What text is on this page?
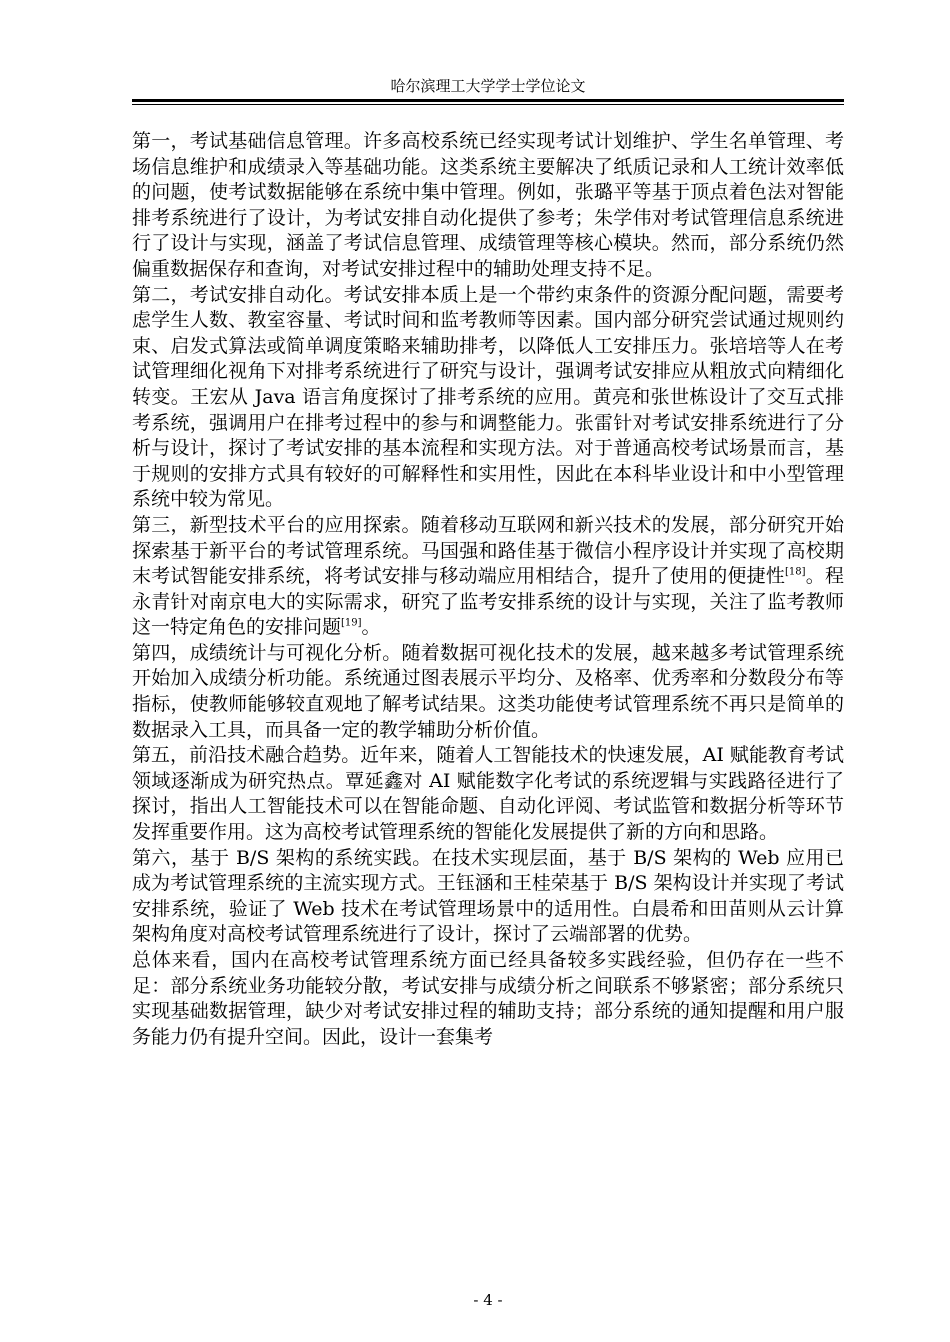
哈尔滨理工大学学士学位论文

第一，考试基础信息管理。许多高校系统已经实现考试计划维护、学生名单管理、考场信息维护和成绩录入等基础功能。这类系统主要解决了纸质记录和人工统计效率低的问题，使考试数据能够在系统中集中管理。例如，张璐平等基于顶点着色法对智能排考系统进行了设计，为考试安排自动化提供了参考；朱学伟对考试管理信息系统进行了设计与实现，涵盖了考试信息管理、成绩管理等核心模块。然而，部分系统仍然偏重数据保存和查询，对考试安排过程中的辅助处理支持不足。

第二，考试安排自动化。考试安排本质上是一个带约束条件的资源分配问题，需要考虑学生人数、教室容量、考试时间和监考教师等因素。国内部分研究尝试通过规则约束、启发式算法或简单调度策略来辅助排考，以降低人工安排压力。张培培等人在考试管理细化视角下对排考系统进行了研究与设计，强调考试安排应从粗放式向精细化转变。王宏从 Java 语言角度探讨了排考系统的应用。黄亮和张世栋设计了交互式排考系统，强调用户在排考过程中的参与和调整能力。张雷针对考试安排系统进行了分析与设计，探讨了考试安排的基本流程和实现方法。对于普通高校考试场景而言，基于规则的安排方式具有较好的可解释性和实用性，因此在本科毕业设计和中小型管理系统中较为常见。

第三，新型技术平台的应用探索。随着移动互联网和新兴技术的发展，部分研究开始探索基于新平台的考试管理系统。马国强和路佳基于微信小程序设计并实现了高校期末考试智能安排系统，将考试安排与移动端应用相结合，提升了使用的便捷性[18]。程永青针对南京电大的实际需求，研究了监考安排系统的设计与实现，关注了监考教师这一特定角色的安排问题[19]。

第四，成绩统计与可视化分析。随着数据可视化技术的发展，越来越多考试管理系统开始加入成绩分析功能。系统通过图表展示平均分、及格率、优秀率和分数段分布等指标，使教师能够较直观地了解考试结果。这类功能使考试管理系统不再只是简单的数据录入工具，而具备一定的教学辅助分析价值。

第五，前沿技术融合趋势。近年来，随着人工智能技术的快速发展，AI 赋能教育考试领域逐渐成为研究热点。覃延鑫对 AI 赋能数字化考试的系统逻辑与实践路径进行了探讨，指出人工智能技术可以在智能命题、自动化评阅、考试监管和数据分析等环节发挥重要作用。这为高校考试管理系统的智能化发展提供了新的方向和思路。

第六，基于 B/S 架构的系统实践。在技术实现层面，基于 B/S 架构的 Web 应用已成为考试管理系统的主流实现方式。王钰涵和王桂荣基于 B/S 架构设计并实现了考试安排系统，验证了 Web 技术在考试管理场景中的适用性。白晨希和田苗则从云计算架构角度对高校考试管理系统进行了设计，探讨了云端部署的优势。

总体来看，国内在高校考试管理系统方面已经具备较多实践经验，但仍存在一些不足：部分系统业务功能较分散，考试安排与成绩分析之间联系不够紧密；部分系统只实现基础数据管理，缺少对考试安排过程的辅助支持；部分系统的通知提醒和用户服务能力仍有提升空间。因此，设计一套集考

- 4 -
